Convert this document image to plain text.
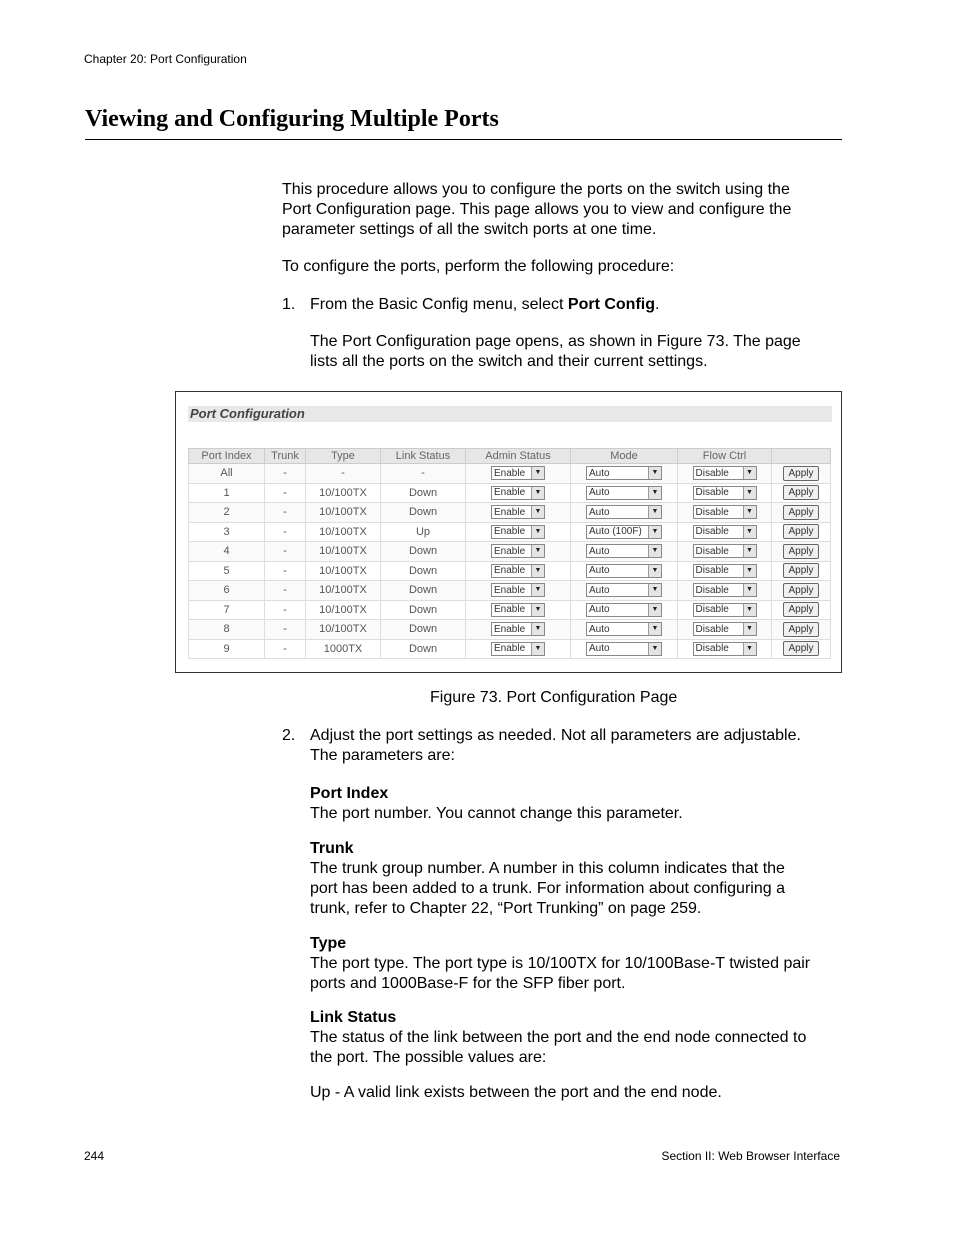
Chapter 20: Port Configuration
Viewing and Configuring Multiple Ports

This procedure allows you to configure the ports on the switch using the

Port Configuration page. This page allows you to view and configure the

parameter settings of all the switch ports at one time.

To configure the ports, perform the following procedure:

1. From the Basic Config menu, select Port Config.

The Port Configuration page opens, as shown in Figure 73. The page

lists all the ports on the switch and their current settings.

Port Configuration
Port Index	Trunk	Type	Link Status	Admin Status	Mode	Flow Ctrl	
All	-	-	-	Enable ▼	Auto ▼	Disable ▼	Apply
1	-	10/100TX	Down	Enable ▼	Auto ▼	Disable ▼	Apply
2	-	10/100TX	Down	Enable ▼	Auto ▼	Disable ▼	Apply
3	-	10/100TX	Up	Enable ▼	Auto (100F) ▼	Disable ▼	Apply
4	-	10/100TX	Down	Enable ▼	Auto ▼	Disable ▼	Apply
5	-	10/100TX	Down	Enable ▼	Auto ▼	Disable ▼	Apply
6	-	10/100TX	Down	Enable ▼	Auto ▼	Disable ▼	Apply
7	-	10/100TX	Down	Enable ▼	Auto ▼	Disable ▼	Apply
8	-	10/100TX	Down	Enable ▼	Auto ▼	Disable ▼	Apply
9	-	1000TX	Down	Enable ▼	Auto ▼	Disable ▼	Apply
Figure 73. Port Configuration Page
2. Adjust the port settings as needed. Not all parameters are adjustable.

The parameters are:

Port Index

The port number. You cannot change this parameter.

Trunk

The trunk group number. A number in this column indicates that the

port has been added to a trunk. For information about configuring a

trunk, refer to Chapter 22, “Port Trunking” on page 259.

Type

The port type. The port type is 10/100TX for 10/100Base-T twisted pair

ports and 1000Base-F for the SFP fiber port.

Link Status

The status of the link between the port and the end node connected to

the port. The possible values are:

Up - A valid link exists between the port and the end node.

244	Section II: Web Browser Interface
